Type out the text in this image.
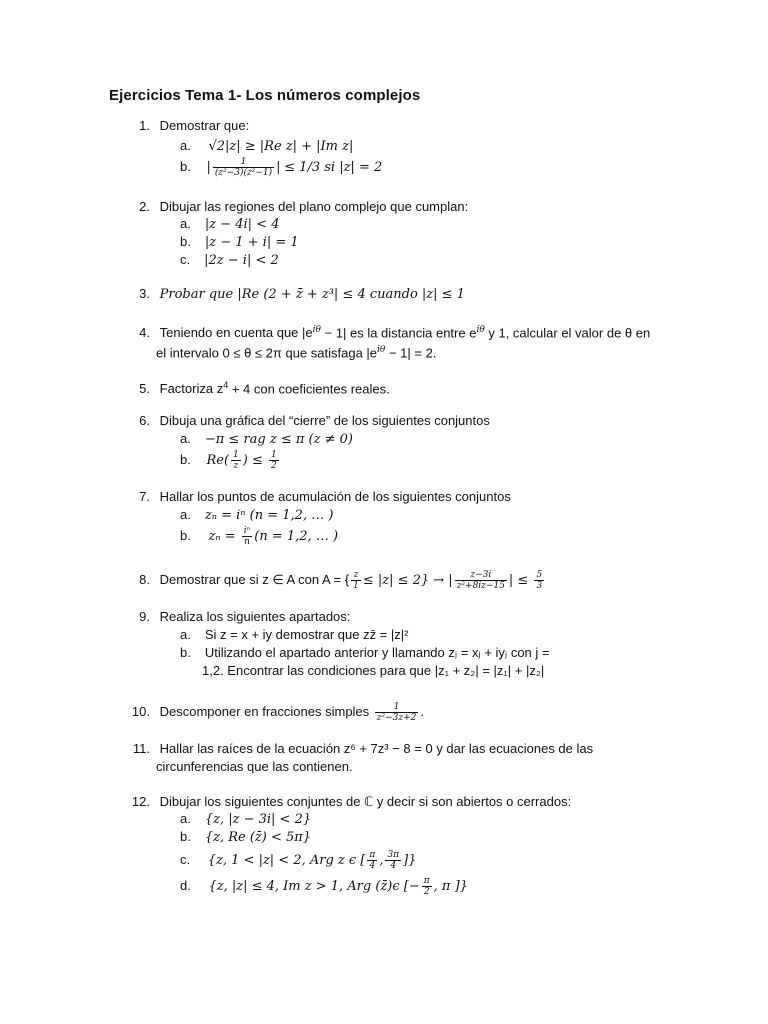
Ejercicios Tema 1- Los números complejos
1. Demostrar que:
a. √2|z| ≥ |Re z| + |Im z|
b. | $\frac{1}{\text{(z²−3)(z²−1)}}$ | ≤ 1/3 si |z| = 2
2. Dibujar las regiones del plano complejo que cumplan:
a. |z − 4i| < 4
b. |z − 1 + i| = 1
c. |2z − i| < 2
3. Probar que |Re (2 + z̄ + z³| ≤ 4 cuando |z| ≤ 1
4. Teniendo en cuenta que $|e^{i\theta} - 1|$ es la distancia entre $e^{i\theta}$ y 1, calcular el valor de θ en
el intervalo 0 ≤ θ ≤ 2π que satisfaga $|e^{i\theta} - 1| = 2$.
5. Factoriza $z^4 + 4$ con coeficientes reales.
6. Dibuja una gráfica del “cierre” de los siguientes conjuntos
a. −π ≤ rag z ≤ π (z ≠ 0)
b. $Re( \frac{1}{z}$ ) ≤ $\frac{1}{2}$
7. Hallar los puntos de acumulación de los siguientes conjuntos
a. zₙ = iⁿ (n = 1,2, … )
b. $z_n = \frac{\text{iⁿ}}{n} (n = 1,2$, … )
8. Demostrar que si z ∈ A con A = { $\frac{z}{1} \le |z| \le 2$} → | $\frac{z-3i}{\text{z²+8iz−15}}$ | ≤ $\frac{5}{3}$
9. Realiza los siguientes apartados:
a. Si z = x + iy demostrar que zz̄ = |z|²
b. Utilizando el apartado anterior y llamando zⱼ = xⱼ + iyⱼ con j =
1,2. Encontrar las condiciones para que |z₁ + z₂| = |z₁| + |z₂|
10. Descomponer en fracciones simples $\frac{1}{\text{z²−3z+2}}$ .
11. Hallar las raíces de la ecuación z⁶ + 7z³ − 8 = 0 y dar las ecuaciones de las
circunferencias que las contienen.
12. Dibujar los siguientes conjuntes de ℂ y decir si son abiertos o cerrados:
a. {z, |z − 3i| < 2}
b. {z, Re (z̄) < 5π}
c. {z, 1 < |z| < 2, Arg z ϵ [ $\frac{\pi}{4}$ , $\frac{3\pi}{4}$ ]}
d. {z, |z| ≤ 4, Im z > 1, Arg (z̄)ϵ [− $\frac{\pi}{2}$ , π ]}
